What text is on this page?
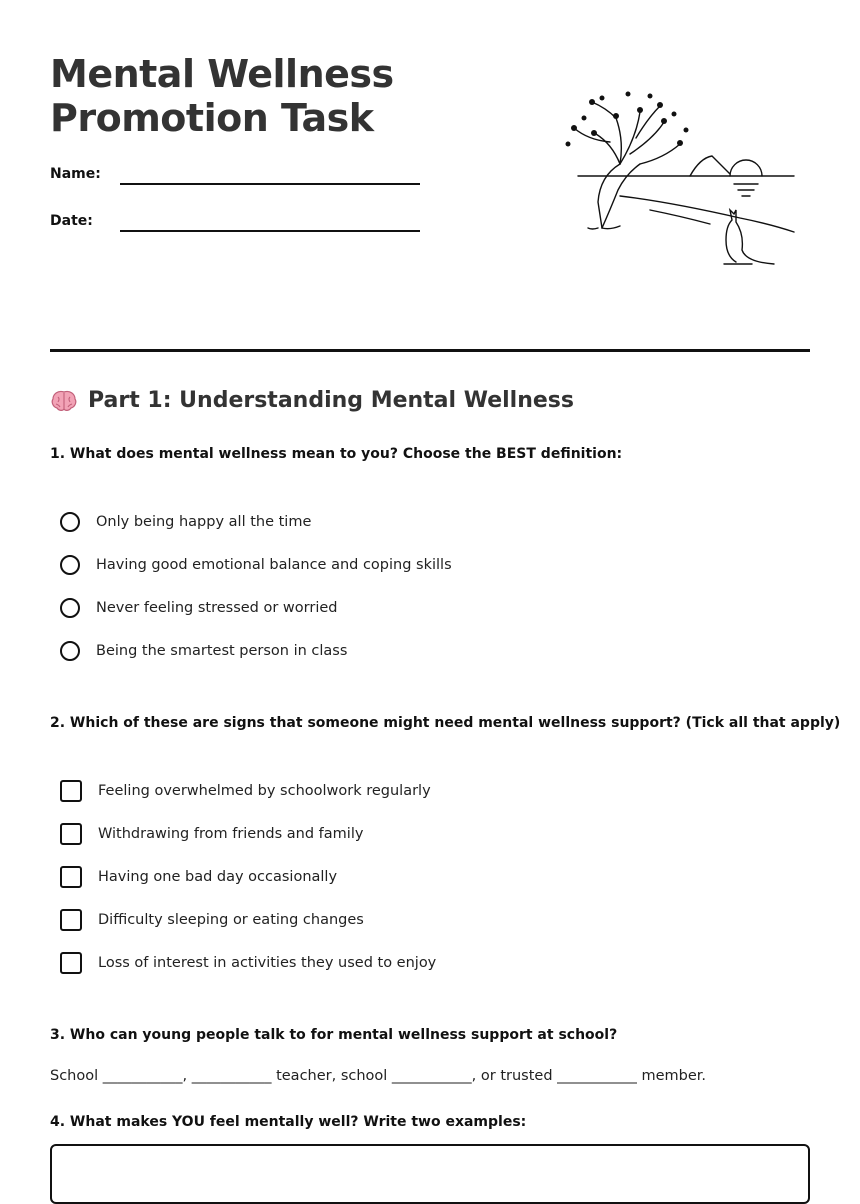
Mental Wellness
Promotion Task
Name:
Date:
Part 1: Understanding Mental Wellness

1. What does mental wellness mean to you? Choose the BEST definition:

Only being happy all the time
Having good emotional balance and coping skills
Never feeling stressed or worried
Being the smartest person in class

2. Which of these are signs that someone might need mental wellness support? (Tick all that apply)

Feeling overwhelmed by schoolwork regularly
Withdrawing from friends and family
Having one bad day occasionally
Difficulty sleeping or eating changes
Loss of interest in activities they used to enjoy

3. Who can young people talk to for mental wellness support at school?

School ___________, ___________ teacher, school ___________, or trusted ___________ member.

4. What makes YOU feel mentally well? Write two examples:
